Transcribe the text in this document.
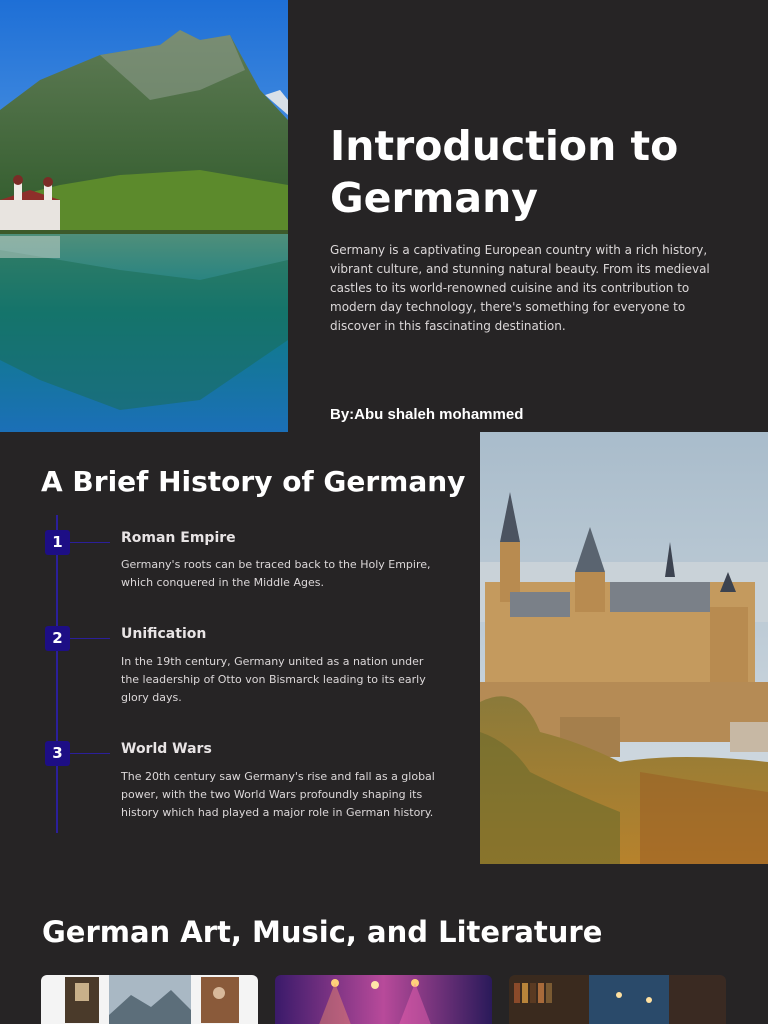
Introduction to Germany
Germany is a captivating European country with a rich history, vibrant culture, and stunning natural beauty. From its medieval castles to its world-renowned cuisine and its contribution to modern day technology, there's something for everyone to discover in this fascinating destination.
By:Abu shaleh mohammed
A Brief History of Germany
1	Roman Empire
Germany's roots can be traced back to the Holy Empire, which conquered in the Middle Ages.
2	Unification
In the 19th century, Germany united as a nation under the leadership of Otto von Bismarck leading to its early glory days.
3	World Wars
The 20th century saw Germany's rise and fall as a global power, with the two World Wars profoundly shaping its history which had played a major role in German history.
German Art, Music, and Literature
